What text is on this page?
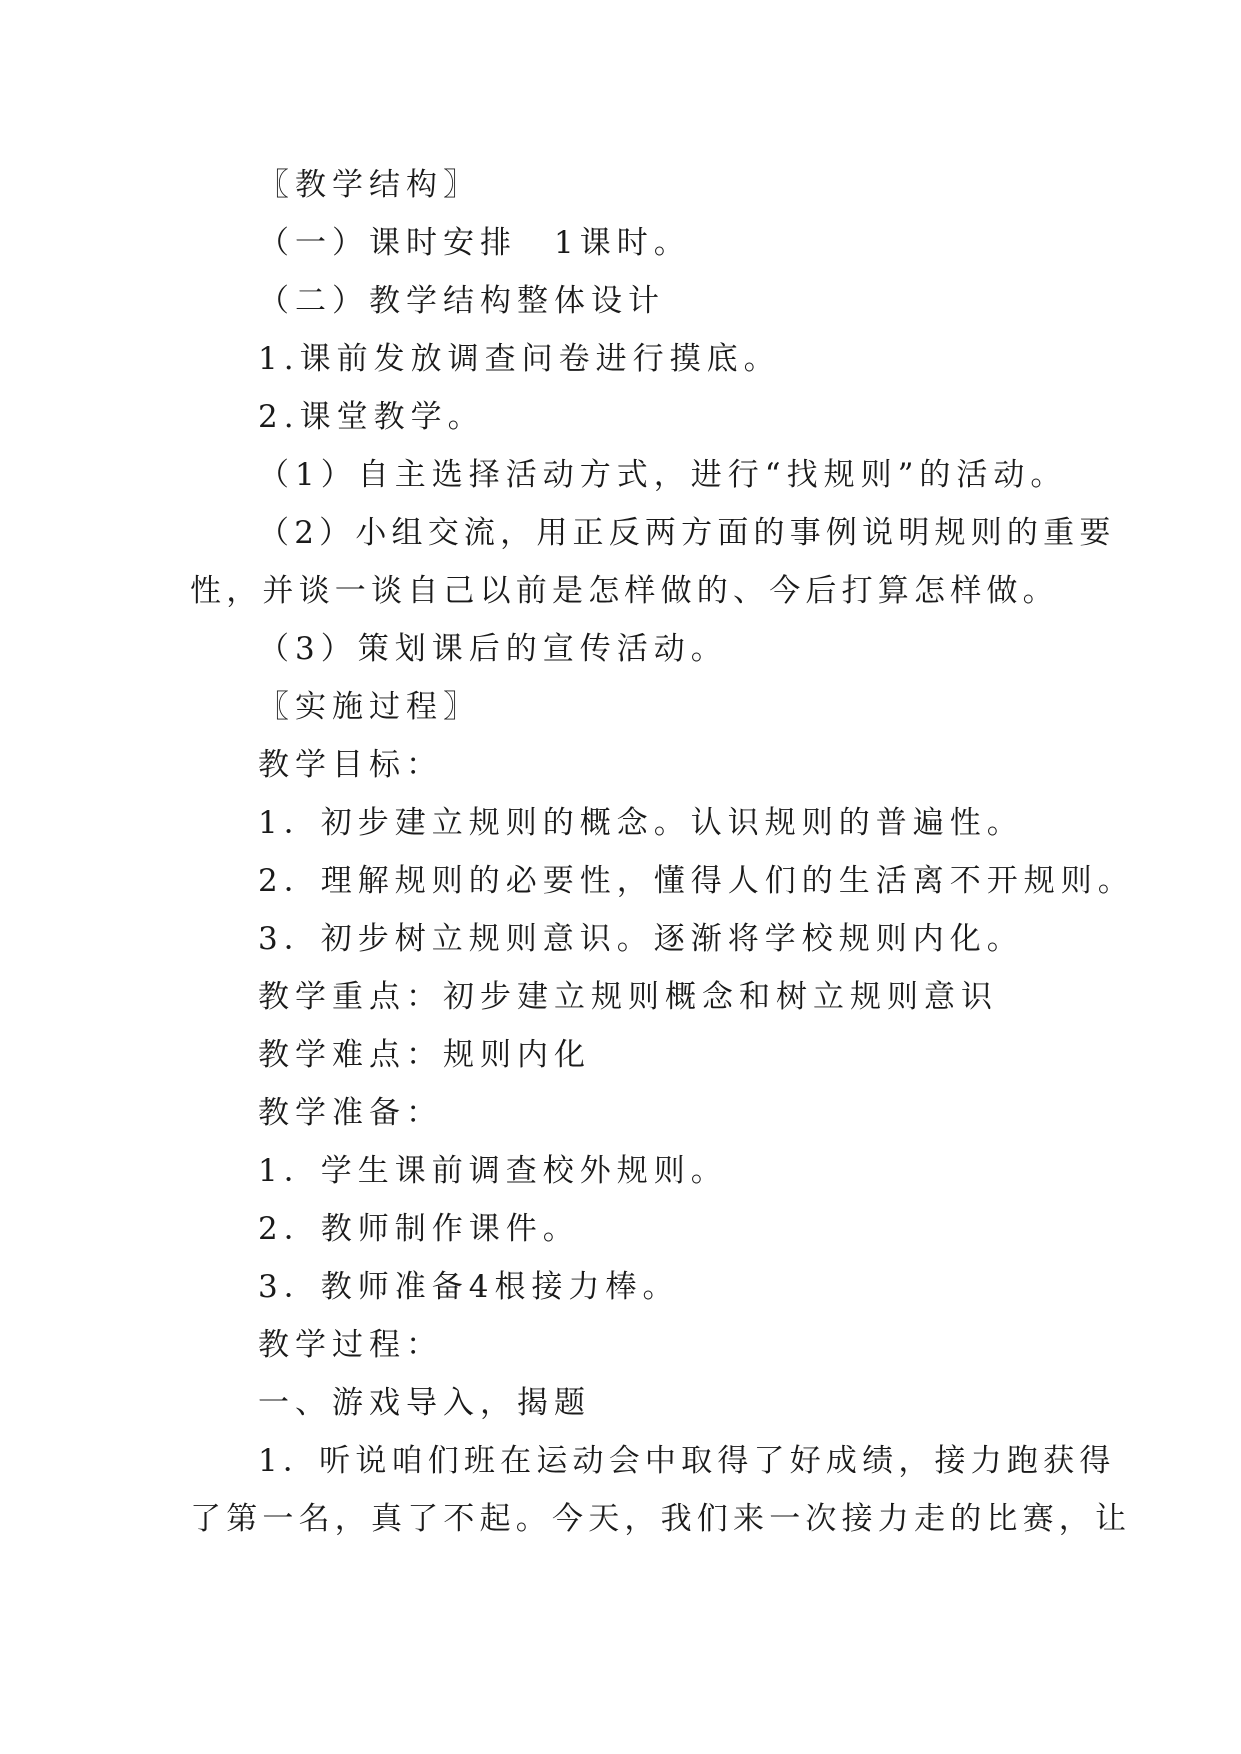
〖教学结构〗
（一）课时安排　1课时。
（二）教学结构整体设计
1.课前发放调查问卷进行摸底。
2.课堂教学。
（1）自主选择活动方式，进行“找规则”的活动。
（2）小组交流，用正反两方面的事例说明规则的重要
性，并谈一谈自己以前是怎样做的、今后打算怎样做。
（3）策划课后的宣传活动。
〖实施过程〗
教学目标：
1．初步建立规则的概念。认识规则的普遍性。
2．理解规则的必要性，懂得人们的生活离不开规则。
3．初步树立规则意识。逐渐将学校规则内化。
教学重点：初步建立规则概念和树立规则意识
教学难点：规则内化
教学准备：
1．学生课前调查校外规则。
2．教师制作课件。
3．教师准备4根接力棒。
教学过程：
一、游戏导入，揭题
1．听说咱们班在运动会中取得了好成绩，接力跑获得
了第一名，真了不起。今天，我们来一次接力走的比赛，让
